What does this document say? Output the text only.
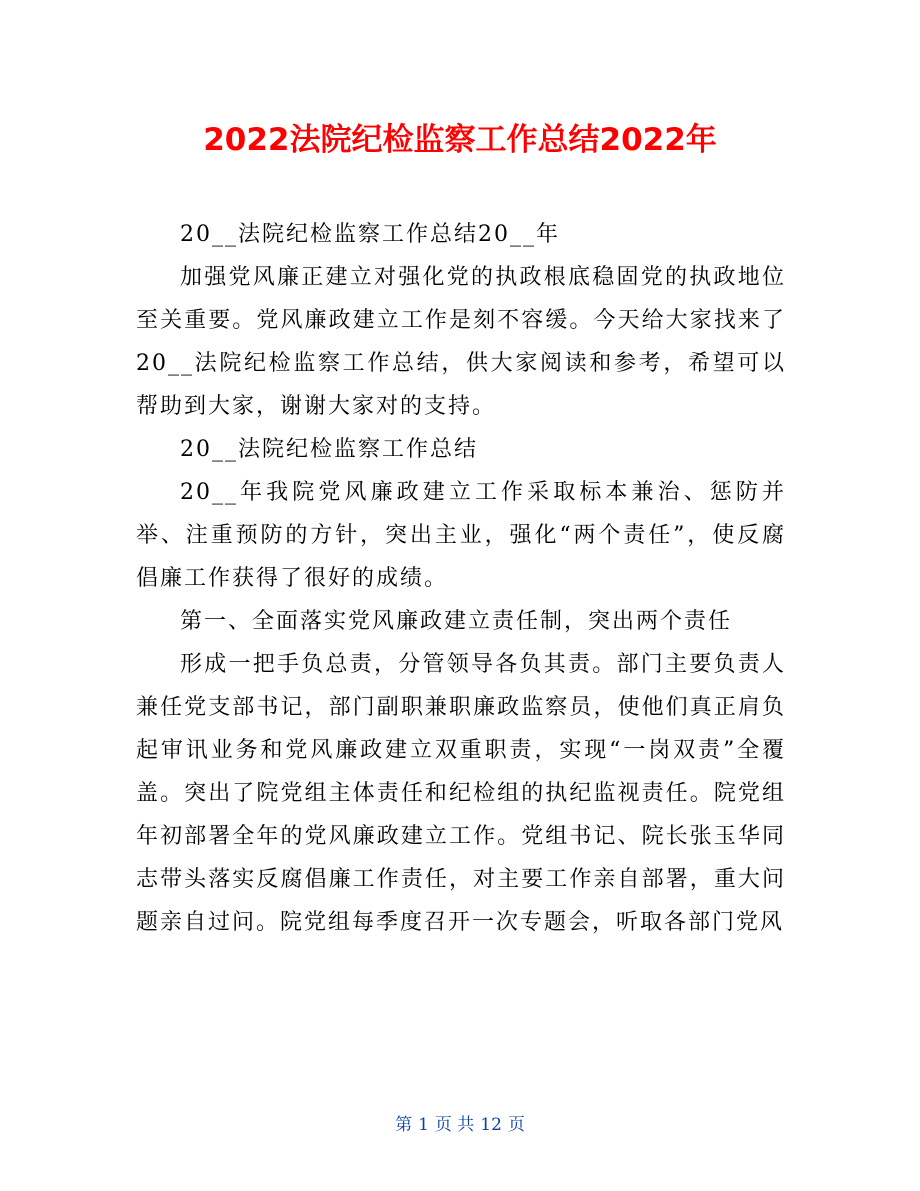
2022法院纪检监察工作总结2022年

20__法院纪检监察工作总结20__年

加强党风廉正建立对强化党的执政根底稳固党的执政地位至关重要。党风廉政建立工作是刻不容缓。今天给大家找来了20__法院纪检监察工作总结，供大家阅读和参考，希望可以帮助到大家，谢谢大家对的支持。

20__法院纪检监察工作总结

20__年我院党风廉政建立工作采取标本兼治、惩防并举、注重预防的方针，突出主业，强化“两个责任”，使反腐倡廉工作获得了很好的成绩。

第一、全面落实党风廉政建立责任制，突出两个责任

形成一把手负总责，分管领导各负其责。部门主要负责人兼任党支部书记，部门副职兼职廉政监察员，使他们真正肩负起审讯业务和党风廉政建立双重职责，实现“一岗双责”全覆盖。突出了院党组主体责任和纪检组的执纪监视责任。院党组年初部署全年的党风廉政建立工作。党组书记、院长张玉华同志带头落实反腐倡廉工作责任，对主要工作亲自部署，重大问题亲自过问。院党组每季度召开一次专题会，听取各部门党风

第 1 页 共 12 页
